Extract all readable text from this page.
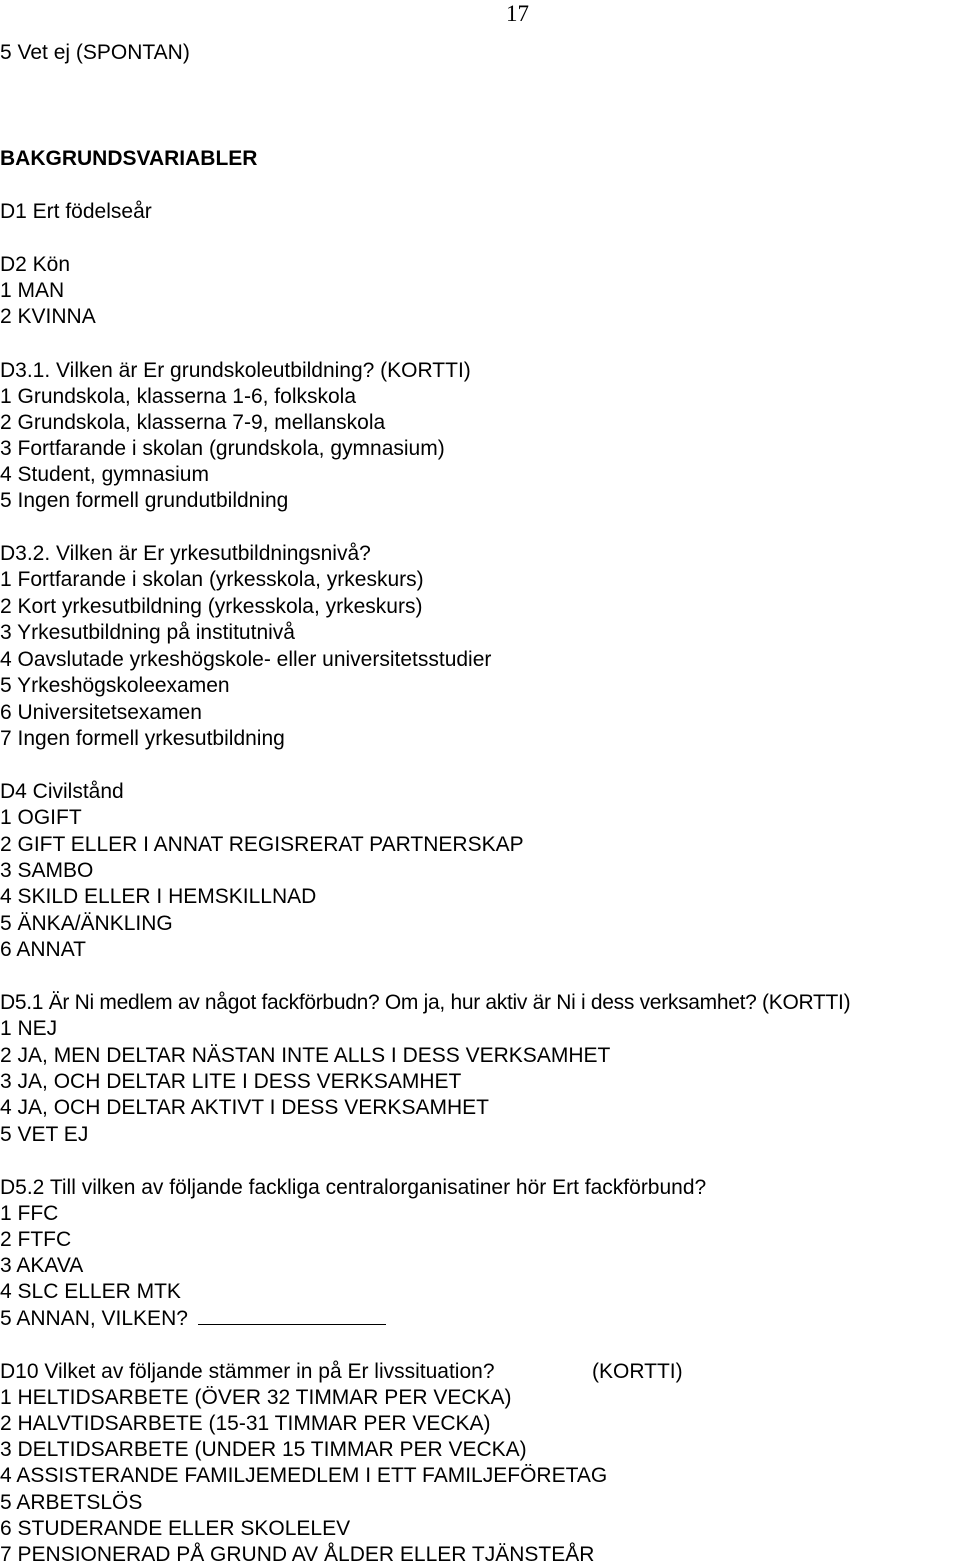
17
5 Vet ej (SPONTAN)
BAKGRUNDSVARIABLER
D1 Ert födelseår
D2 Kön
1 MAN
2 KVINNA
D3.1. Vilken är Er grundskoleutbildning? (KORTTI)
1 Grundskola, klasserna 1-6, folkskola
2 Grundskola, klasserna 7-9, mellanskola
3 Fortfarande i skolan (grundskola, gymnasium)
4 Student, gymnasium
5 Ingen formell grundutbildning
D3.2. Vilken är Er yrkesutbildningsnivå?
1 Fortfarande i skolan (yrkesskola, yrkeskurs)
2 Kort yrkesutbildning (yrkesskola, yrkeskurs)
3 Yrkesutbildning på institutnivå
4 Oavslutade yrkeshögskole- eller universitetsstudier
5 Yrkeshögskoleexamen
6 Universitetsexamen
7 Ingen formell yrkesutbildning
D4 Civilstånd
1 OGIFT
2 GIFT ELLER I ANNAT REGISRERAT PARTNERSKAP
3 SAMBO
4 SKILD ELLER I HEMSKILLNAD
5 ÄNKA/ÄNKLING
6 ANNAT
D5.1 Är Ni medlem av något fackförbudn? Om ja, hur aktiv är Ni i dess verksamhet? (KORTTI)
1 NEJ
2 JA, MEN DELTAR NÄSTAN INTE ALLS I DESS VERKSAMHET
3 JA, OCH DELTAR LITE I DESS VERKSAMHET
4 JA, OCH DELTAR AKTIVT I DESS VERKSAMHET
5 VET EJ
D5.2 Till vilken av följande fackliga centralorganisatiner hör Ert fackförbund?
1 FFC
2 FTFC
3 AKAVA
4 SLC ELLER MTK
5 ANNAN, VILKEN?
D10 Vilket av följande stämmer in på Er livssituation?	(KORTTI)
1 HELTIDSARBETE (ÖVER 32 TIMMAR PER VECKA)
2 HALVTIDSARBETE (15-31 TIMMAR PER VECKA)
3 DELTIDSARBETE (UNDER 15 TIMMAR PER VECKA)
4 ASSISTERANDE FAMILJEMEDLEM I ETT FAMILJEFÖRETAG
5 ARBETSLÖS
6 STUDERANDE ELLER SKOLELEV
7 PENSIONERAD PÅ GRUND AV ÅLDER ELLER TJÄNSTEÅR
